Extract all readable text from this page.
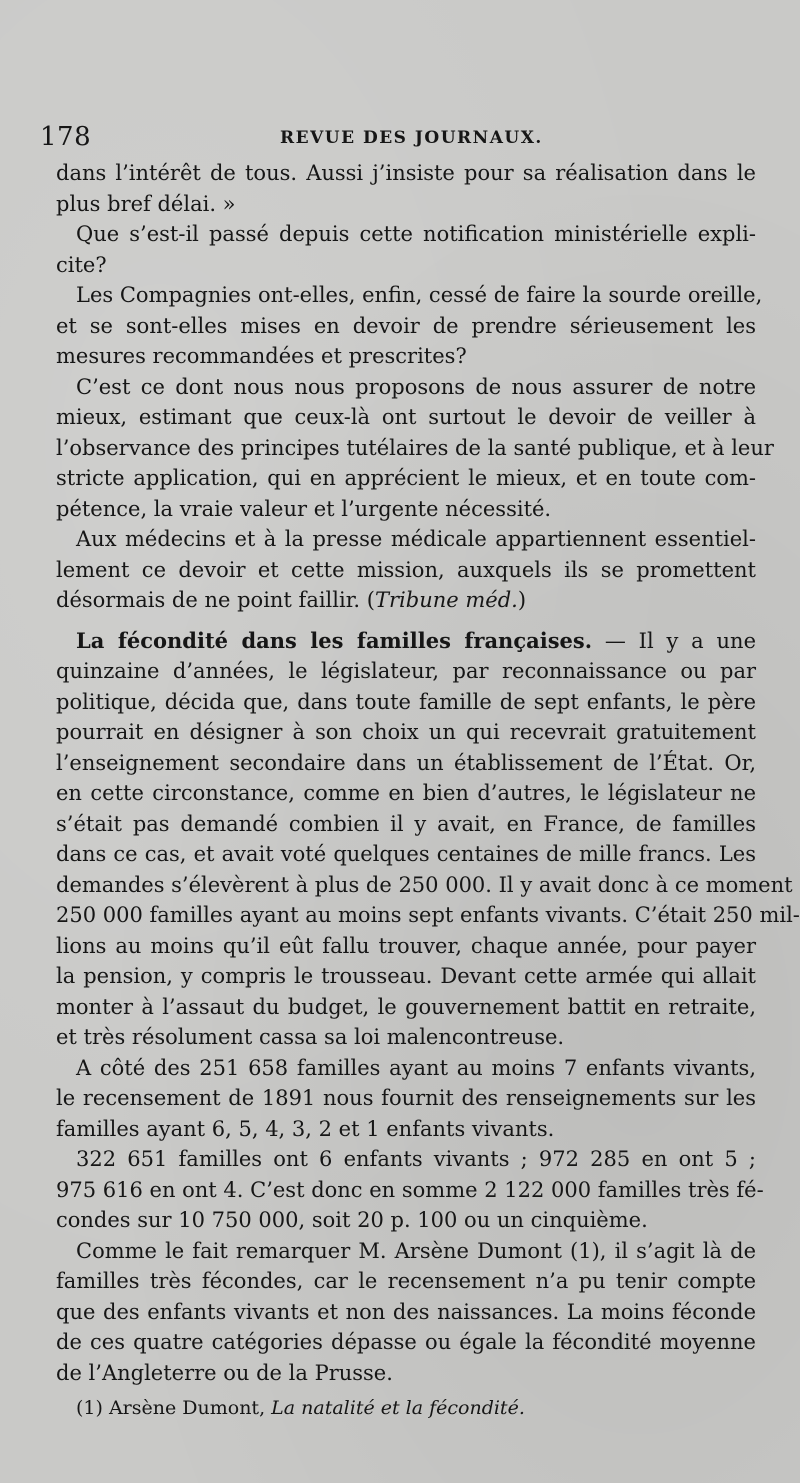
178	REVUE DES JOURNAUX.

dans l’intérêt de tous. Aussi j’insiste pour sa réalisation dans le
plus bref délai. »

Que s’est-il passé depuis cette notification ministérielle expli-
cite?

Les Compagnies ont-elles, enfin, cessé de faire la sourde oreille,
et se sont-elles mises en devoir de prendre sérieusement les
mesures recommandées et prescrites?

C’est ce dont nous nous proposons de nous assurer de notre
mieux, estimant que ceux-là ont surtout le devoir de veiller à
l’observance des principes tutélaires de la santé publique, et à leur
stricte application, qui en apprécient le mieux, et en toute com-
pétence, la vraie valeur et l’urgente nécessité.

Aux médecins et à la presse médicale appartiennent essentiel-
lement ce devoir et cette mission, auxquels ils se promettent
désormais de ne point faillir. (Tribune méd.)

La fécondité dans les familles françaises. — Il y a une
quinzaine d’années, le législateur, par reconnaissance ou par
politique, décida que, dans toute famille de sept enfants, le père
pourrait en désigner à son choix un qui recevrait gratuitement
l’enseignement secondaire dans un établissement de l’État. Or,
en cette circonstance, comme en bien d’autres, le législateur ne
s’était pas demandé combien il y avait, en France, de familles
dans ce cas, et avait voté quelques centaines de mille francs. Les
demandes s’élevèrent à plus de 250 000. Il y avait donc à ce moment
250 000 familles ayant au moins sept enfants vivants. C’était 250 mil-
lions au moins qu’il eût fallu trouver, chaque année, pour payer
la pension, y compris le trousseau. Devant cette armée qui allait
monter à l’assaut du budget, le gouvernement battit en retraite,
et très résolument cassa sa loi malencontreuse.

A côté des 251 658 familles ayant au moins 7 enfants vivants,
le recensement de 1891 nous fournit des renseignements sur les
familles ayant 6, 5, 4, 3, 2 et 1 enfants vivants.

322 651 familles ont 6 enfants vivants ; 972 285 en ont 5 ;
975 616 en ont 4. C’est donc en somme 2 122 000 familles très fé-
condes sur 10 750 000, soit 20 p. 100 ou un cinquième.

Comme le fait remarquer M. Arsène Dumont (1), il s’agit là de
familles très fécondes, car le recensement n’a pu tenir compte
que des enfants vivants et non des naissances. La moins féconde
de ces quatre catégories dépasse ou égale la fécondité moyenne
de l’Angleterre ou de la Prusse.

(1) Arsène Dumont, La natalité et la fécondité.
